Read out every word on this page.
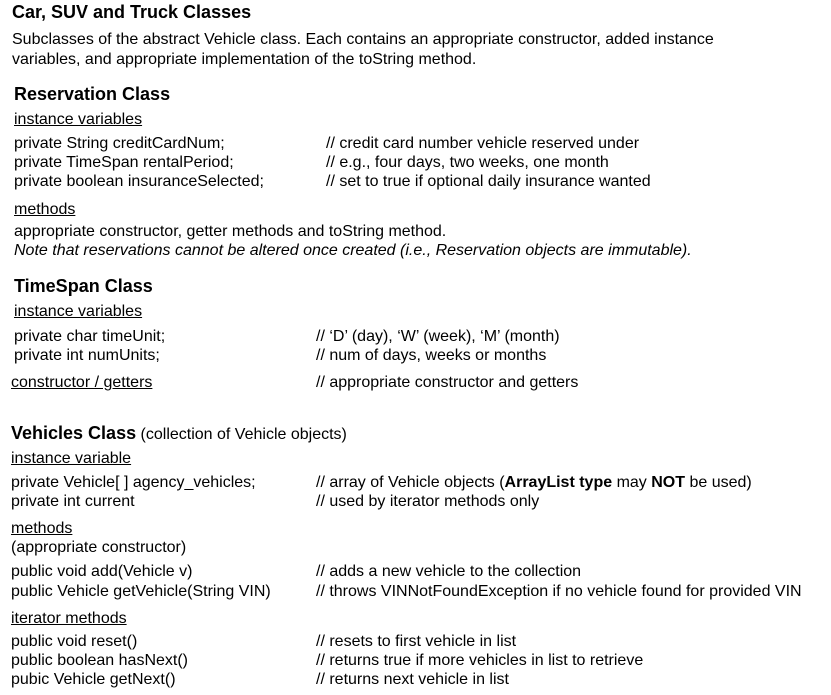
Car, SUV and Truck Classes
Subclasses of the abstract Vehicle class. Each contains an appropriate constructor, added instance
variables, and appropriate implementation of the toString method.
Reservation Class
instance variables
private String creditCardNum;	// credit card number vehicle reserved under
private TimeSpan rentalPeriod;	// e.g., four days, two weeks, one month
private boolean insuranceSelected;	// set to true if optional daily insurance wanted
methods
appropriate constructor, getter methods and toString method.
Note that reservations cannot be altered once created (i.e., Reservation objects are immutable).
TimeSpan Class
instance variables
private char timeUnit;	// ‘D’ (day), ‘W’ (week), ‘M’ (month)
private int numUnits;	// num of days, weeks or months
constructor / getters	// appropriate constructor and getters
Vehicles Class (collection of Vehicle objects)
instance variable
private Vehicle[ ] agency_vehicles;	// array of Vehicle objects (ArrayList type may NOT be used)
private int current	// used by iterator methods only
methods
(appropriate constructor)
public void add(Vehicle v)	// adds a new vehicle to the collection
public Vehicle getVehicle(String VIN)	// throws VINNotFoundException if no vehicle found for provided VIN
iterator methods
public void reset()	// resets to first vehicle in list
public boolean hasNext()	// returns true if more vehicles in list to retrieve
pubic Vehicle getNext()	// returns next vehicle in list
